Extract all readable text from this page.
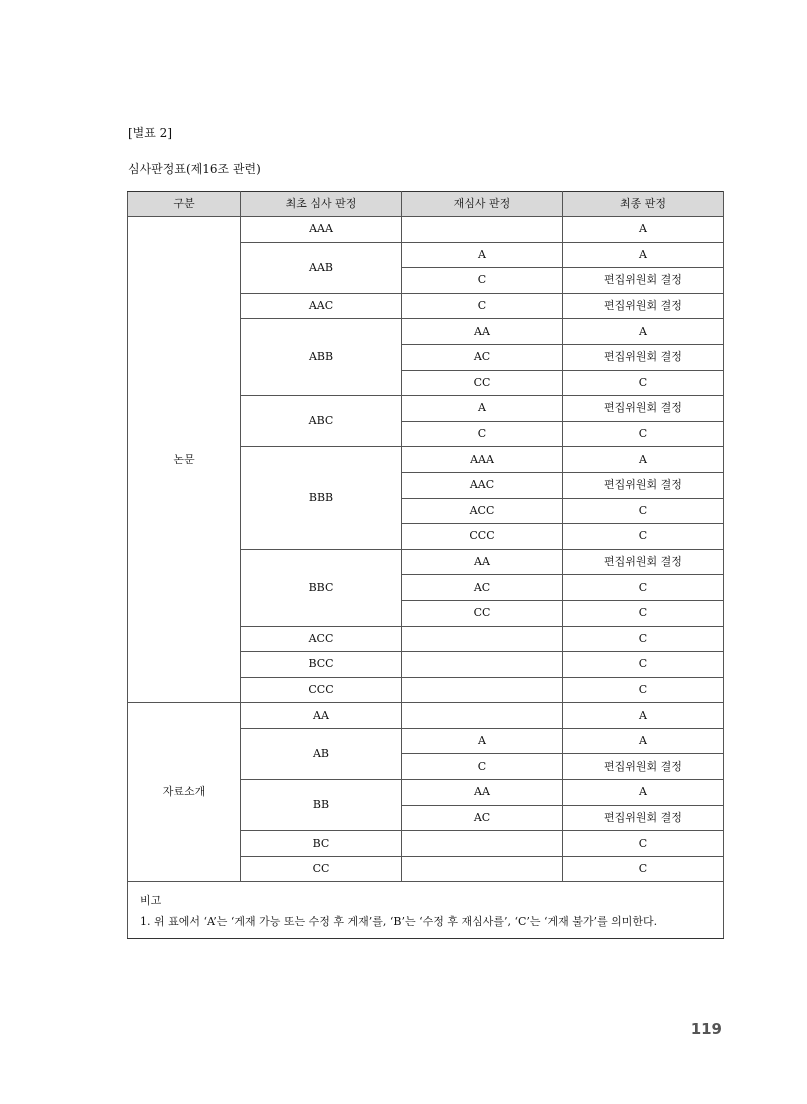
[별표 2]
심사판정표(제16조 관련)
구분	최초 심사 판정	재심사 판정	최종 판정
논문	AAA		A
	AAB	A	A
		C	편집위원회 결정
	AAC	C	편집위원회 결정
	ABB	AA	A
		AC	편집위원회 결정
		CC	C
	ABC	A	편집위원회 결정
		C	C
	BBB	AAA	A
		AAC	편집위원회 결정
		ACC	C
		CCC	C
	BBC	AA	편집위원회 결정
		AC	C
		CC	C
	ACC		C
	BCC		C
	CCC		C
자료소개	AA		A
	AB	A	A
		C	편집위원회 결정
	BB	AA	A
		AC	편집위원회 결정
	BC		C
	CC		C

비고
1. 위 표에서 ‘A’는 ‘게재 가능 또는 수정 후 게재’를, ‘B’는 ‘수정 후 재심사를’, ‘C’는 ‘게재 불가’를 의미한다.			
119
